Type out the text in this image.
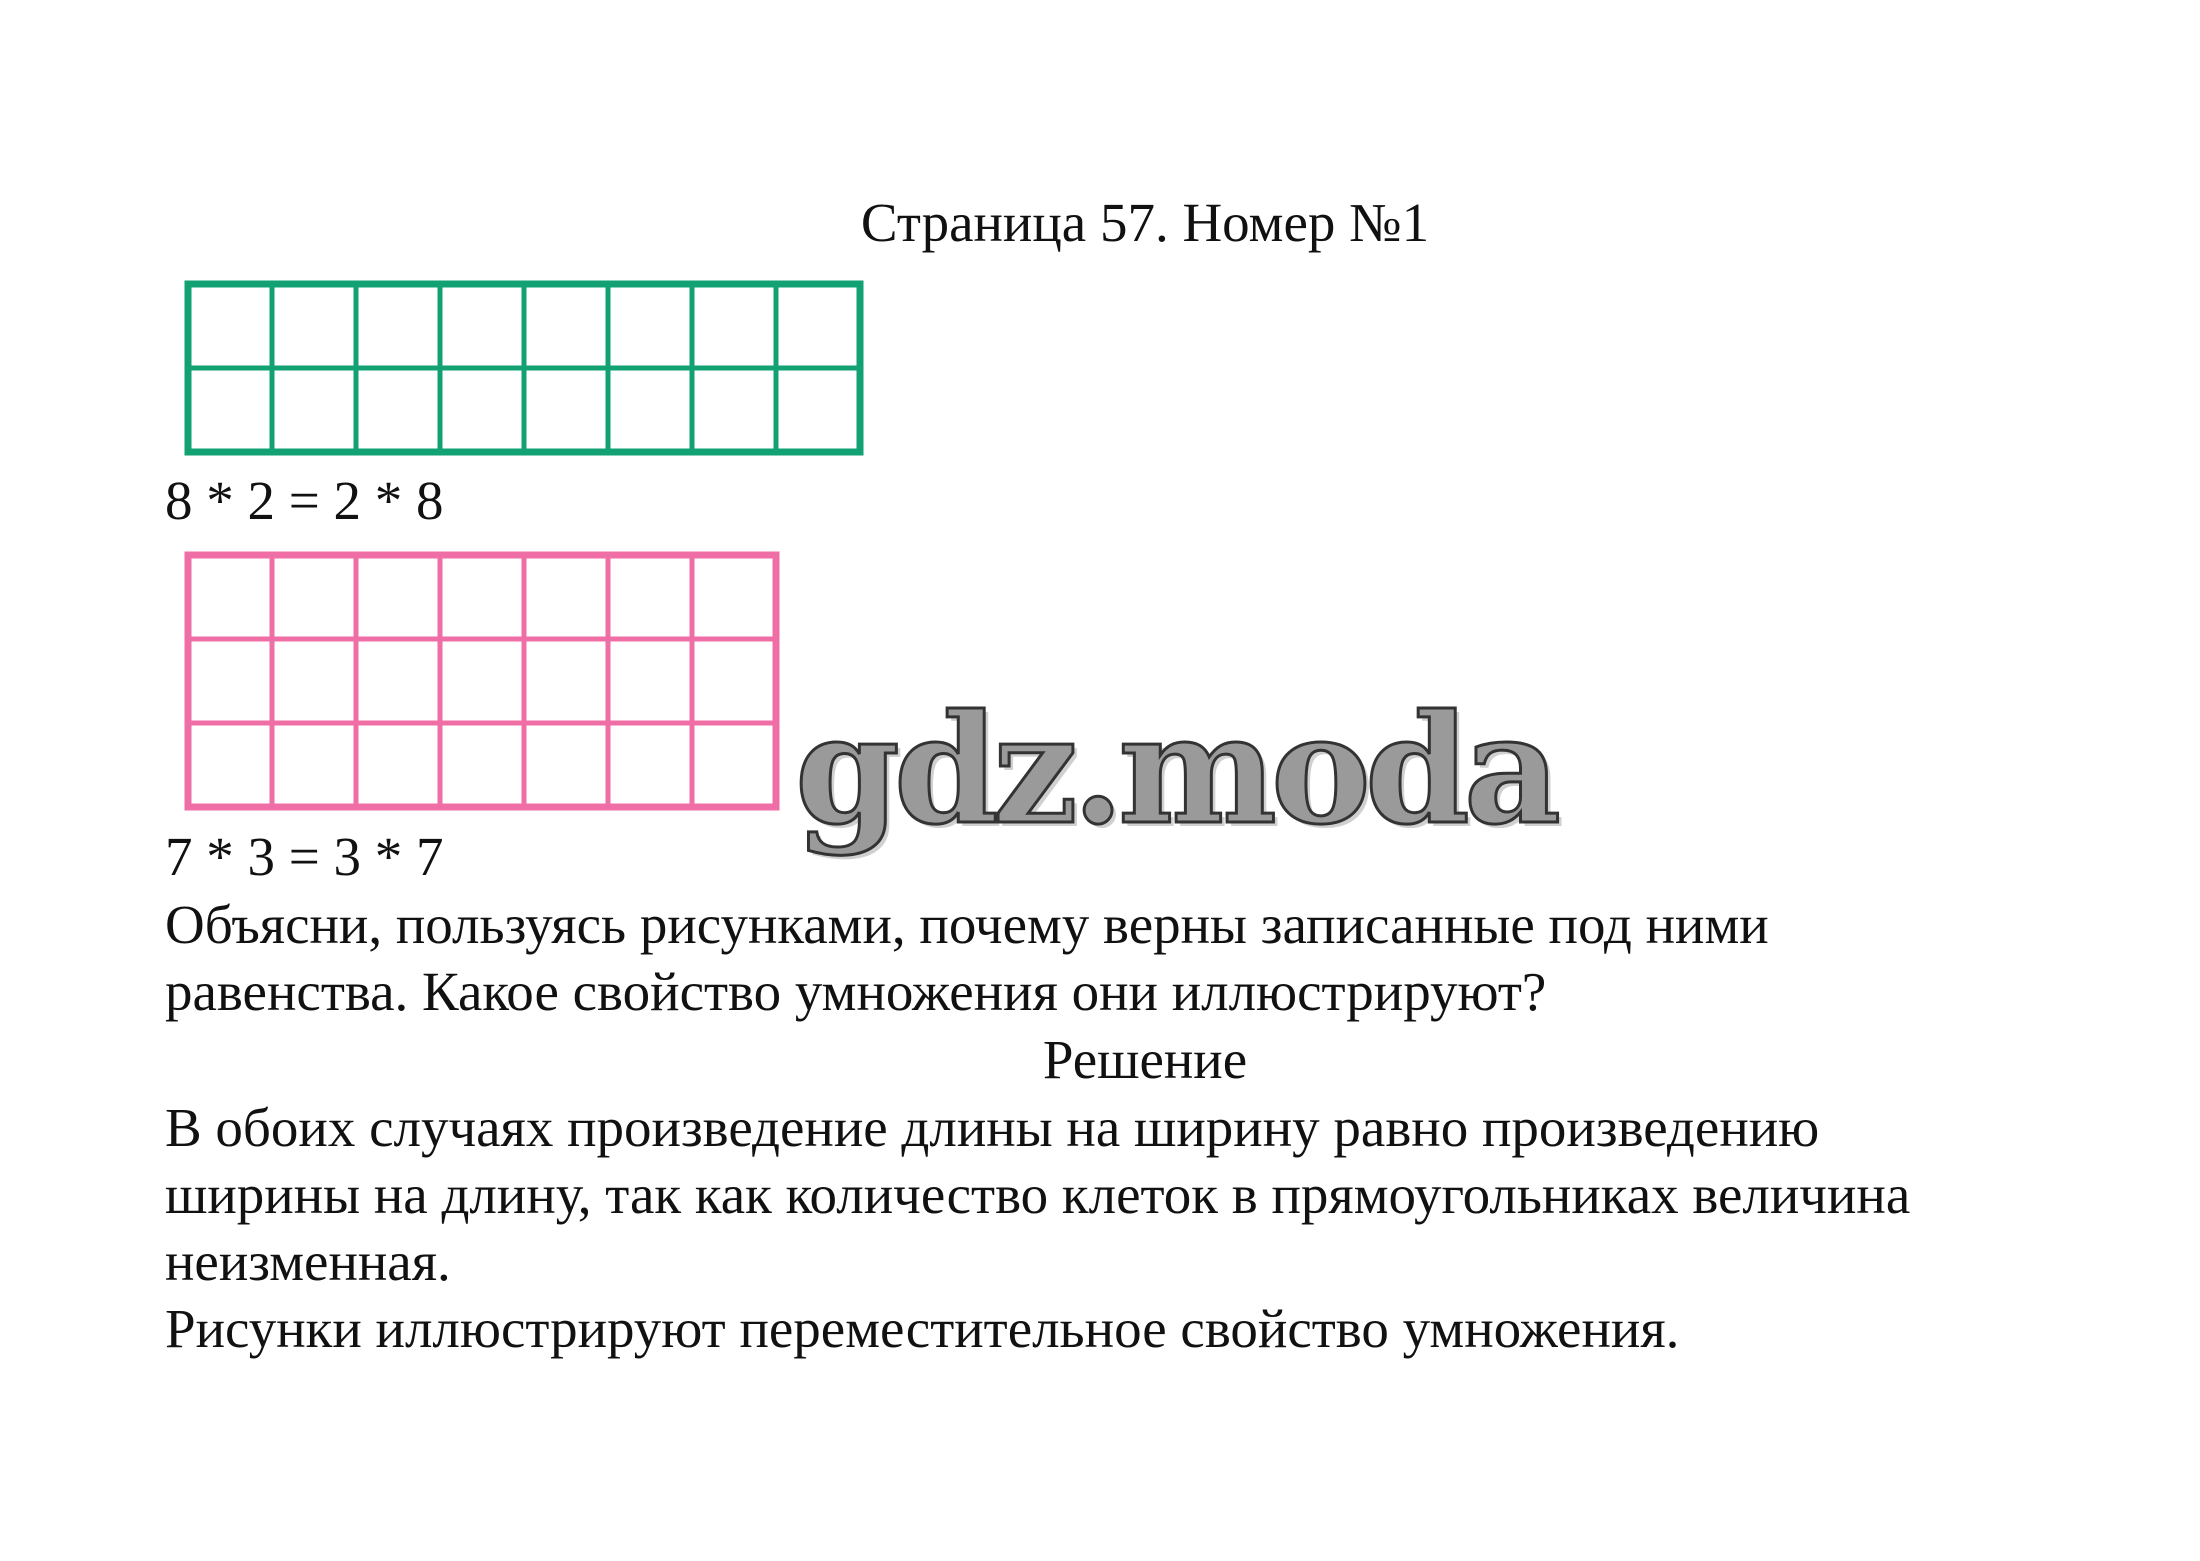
Страница 57. Номер №1
8 * 2 = 2 * 8
7 * 3 = 3 * 7 gdz.moda

Объясни, пользуясь рисунками, почему верны записанные под ними
равенства. Какое свойство умножения они иллюстрируют?

Решение

В обоих случаях произведение длины на ширину равно произведению
ширины на длину, так как количество клеток в прямоугольниках величина
неизменная.

Рисунки иллюстрируют переместительное свойство умножения.
